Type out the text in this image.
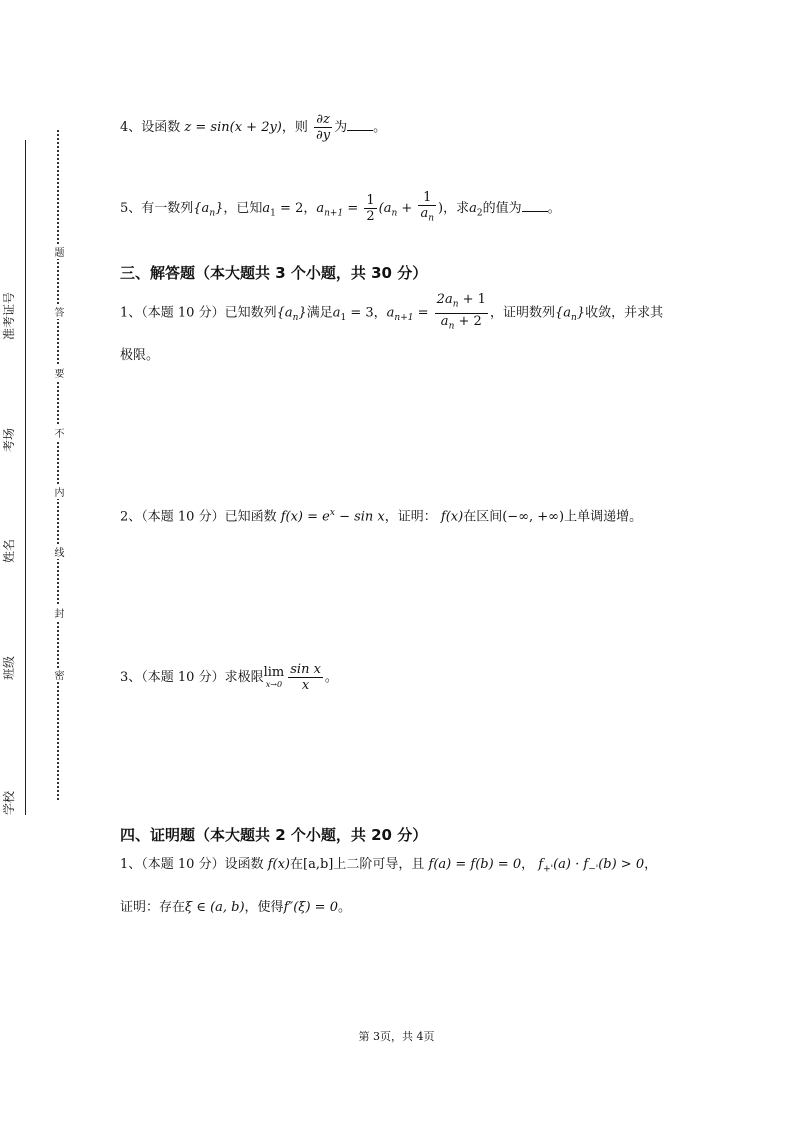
学校
班级
姓名
考场
准考证号
密
封
线
内
不
要
答
题
4、设函数 z = sin(x + 2y)，则 $\frac{\partial z}{\partial y}$ 为 。
5、有一数列$\{a_n\}$，已知$a_1 = 2$，$a_{n+1} = \frac{1}{2} (a_n + \frac{1}{a_n}$ )，求$a_2$的值为 。
三、解答题（本大题共 3 个小题，共 30 分）
1、（本题 10 分）已知数列$\{a_n\}$满足$a_1 = 3$，$a_{n+1} = \frac{2a_n + 1}{a_n + 2}$ ，证明数列$\{a_n\}$收敛，并求其
极限。
2、（本题 10 分）已知函数 $f(x) = e^x - \sin x$，证明： f(x)在区间(−∞, +∞)上单调递增。
3、（本题 10 分）求极限 lim
$x\to 0 \frac{\text{sin x}}{x}$ 。
四、证明题（本大题共 2 个小题，共 20 分）
1、（本题 10 分）设函数 f(x)在[a,b]上二阶可导，且 f(a) = f(b) = 0， $f_{+'}(a) \cdot f_{-'}(b) > 0$，
证明：存在ξ ∈ (a, b)，使得f″(ξ) = 0。
第 3页，共 4页
